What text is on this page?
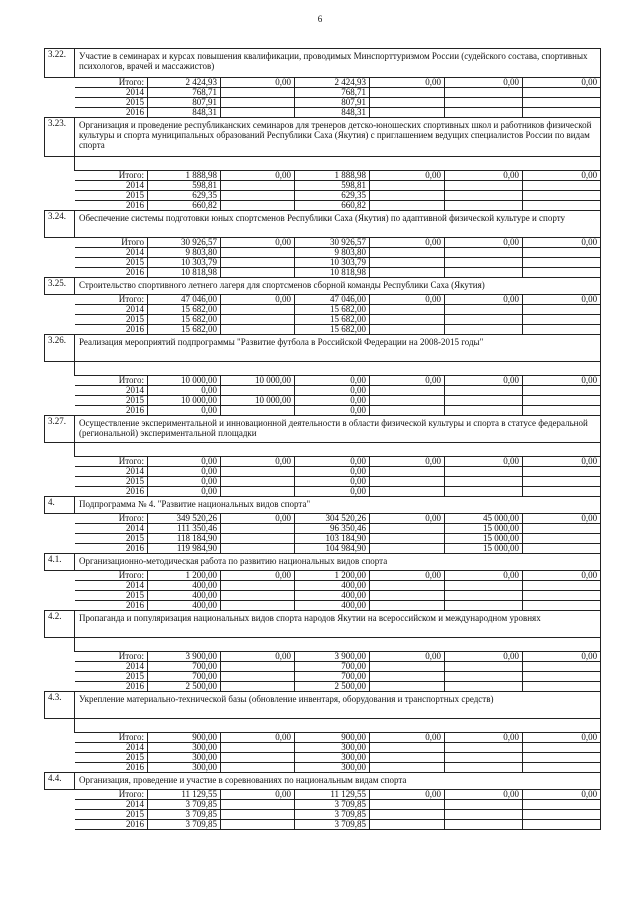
6
3.22.	Участие в семинарах и курсах повышения квалификации, проводимых Минспорттуризмом России (судейского состава, спортивных психологов, врачей и массажистов)						
	Итого:	2 424,93	0,00	2 424,93	0,00	0,00	0,00
	2014	768,71		768,71			
	2015	807,91		807,91			
	2016	848,31		848,31			
3.23.	Организация и проведение республиканских семинаров для тренеров детско-юношеских спортивных школ и работников физической культуры и спорта муниципальных образований Республики Саха (Якутия) с приглашением ведущих специалистов России по видам спорта						

	Итого:	1 888,98	0,00	1 888,98	0,00	0,00	0,00
	2014	598,81		598,81			
	2015	629,35		629,35			
	2016	660,82		660,82			
3.24.	Обеспечение системы подготовки юных спортсменов Республики Саха (Якутия) по адаптивной физической культуре и спорту						
	Итого	30 926,57	0,00	30 926,57	0,00	0,00	0,00
	2014	9 803,80		9 803,80			
	2015	10 303,79		10 303,79			
	2016	10 818,98		10 818,98			
3.25.	Строительство спортивного летнего лагеря для спортсменов сборной команды Республики Саха (Якутия)						
	Итого:	47 046,00	0,00	47 046,00	0,00	0,00	0,00
	2014	15 682,00		15 682,00			
	2015	15 682,00		15 682,00			
	2016	15 682,00		15 682,00			
3.26.	Реализация мероприятий подпрограммы "Развитие футбола в Российской Федерации на 2008-2015 годы"						

	Итого:	10 000,00	10 000,00	0,00	0,00	0,00	0,00
	2014	0,00		0,00			
	2015	10 000,00	10 000,00	0,00			
	2016	0,00		0,00			
3.27.	Осуществление экспериментальной и инновационной деятельности в области физической культуры и спорта в статусе федеральной (региональной) экспериментальной площадки						

	Итого:	0,00	0,00	0,00	0,00	0,00	0,00
	2014	0,00		0,00			
	2015	0,00		0,00			
	2016	0,00		0,00			
4.	Подпрограмма № 4. "Развитие национальных видов спорта"						
	Итого:	349 520,26	0,00	304 520,26	0,00	45 000,00	0,00
	2014	111 350,46		96 350,46		15 000,00	
	2015	118 184,90		103 184,90		15 000,00	
	2016	119 984,90		104 984,90		15 000,00	
4.1.	Организационно-методическая работа по развитию национальных видов спорта						
	Итого:	1 200,00	0,00	1 200,00	0,00	0,00	0,00
	2014	400,00		400,00			
	2015	400,00		400,00			
	2016	400,00		400,00			
4.2.	Пропаганда и популяризация национальных видов спорта народов Якутии на всероссийском и международном уровнях						

	Итого:	3 900,00	0,00	3 900,00	0,00	0,00	0,00
	2014	700,00		700,00			
	2015	700,00		700,00			
	2016	2 500,00		2 500,00			
4.3.	Укрепление материально-технической базы (обновление инвентаря, оборудования и транспортных средств)						

	Итого:	900,00	0,00	900,00	0,00	0,00	0,00
	2014	300,00		300,00			
	2015	300,00		300,00			
	2016	300,00		300,00			
4.4.	Организация, проведение и участие в соревнованиях по национальным видам спорта						
	Итого:	11 129,55	0,00	11 129,55	0,00	0,00	0,00
	2014	3 709,85		3 709,85			
	2015	3 709,85		3 709,85			
	2016	3 709,85		3 709,85			
